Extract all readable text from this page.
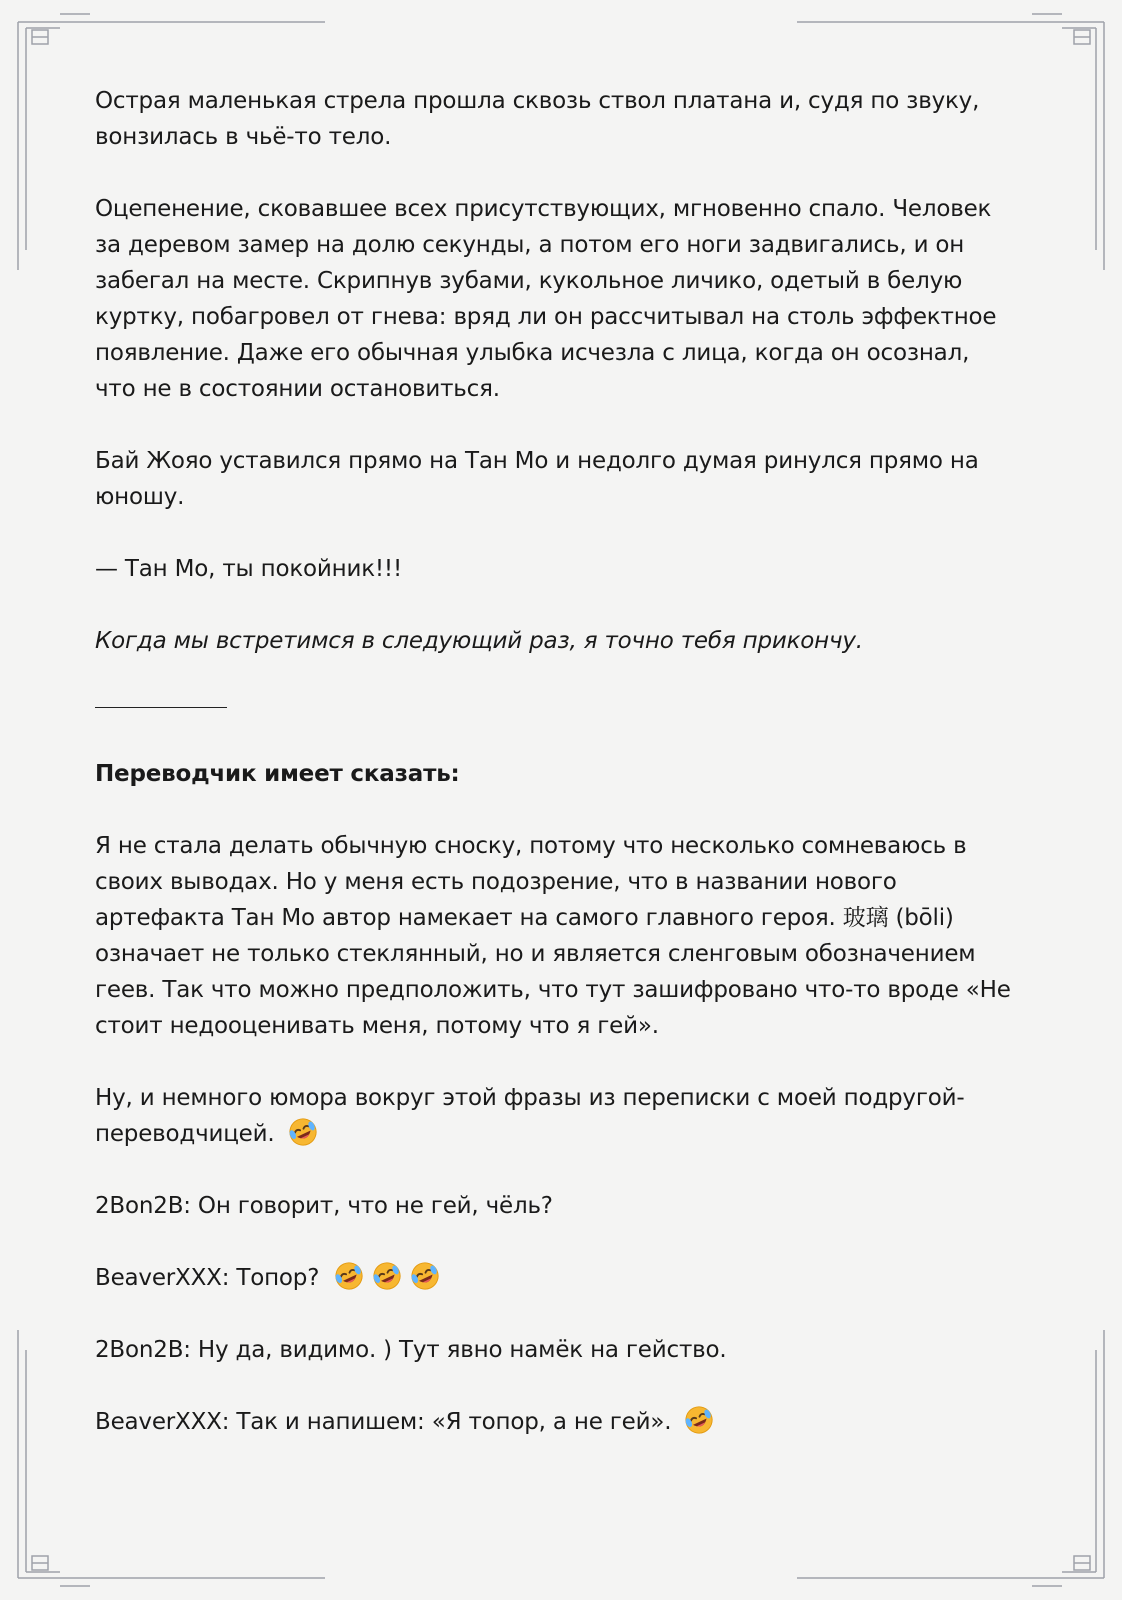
Острая маленькая стрела прошла сквозь ствол платана и, судя по звуку,
вонзилась в чьё-то тело.

Оцепенение, сковавшее всех присутствующих, мгновенно спало. Человек
за деревом замер на долю секунды, а потом его ноги задвигались, и он
забегал на месте. Скрипнув зубами, кукольное личико, одетый в белую
куртку, побагровел от гнева: вряд ли он рассчитывал на столь эффектное
появление. Даже его обычная улыбка исчезла с лица, когда он осознал,
что не в состоянии остановиться.

Бай Жояо уставился прямо на Тан Мо и недолго думая ринулся прямо на
юношу.

— Тан Мо, ты покойник!!!

Когда мы встретимся в следующий раз, я точно тебя прикончу.

Переводчик имеет сказать:

Я не стала делать обычную сноску, потому что несколько сомневаюсь в
своих выводах. Но у меня есть подозрение, что в названии нового
артефакта Тан Мо автор намекает на самого главного героя. 玻璃 (bōli)
означает не только стеклянный, но и является сленговым обозначением
геев. Так что можно предположить, что тут зашифровано что-то вроде «Не
стоит недооценивать меня, потому что я гей».

Ну, и немного юмора вокруг этой фразы из переписки с моей подругой-
переводчицей.

2Bon2B: Он говорит, что не гей, чёль?

BeaverXXX: Топор?

2Bon2B: Ну да, видимо. ) Тут явно намёк на гейство.

BeaverXXX: Так и напишем: «Я топор, а не гей».
